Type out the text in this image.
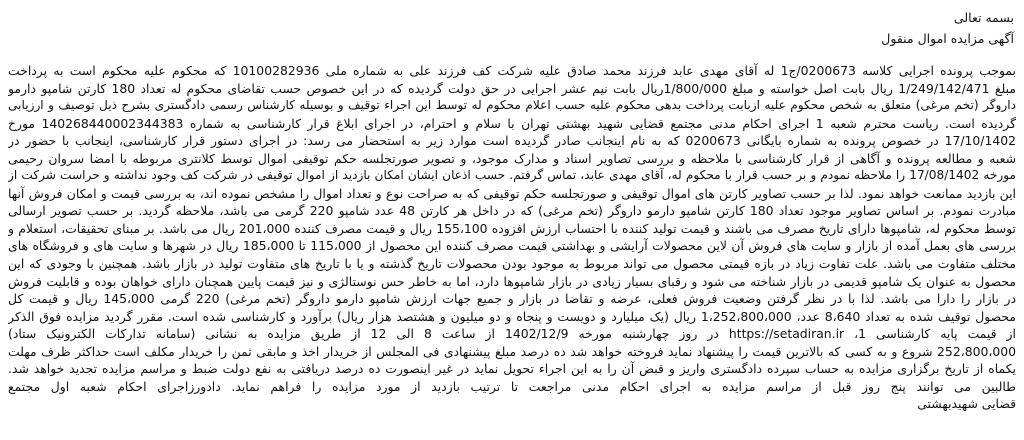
بسمه تعالی
آگهی مزایده اموال منقول
بموجب پرونده اجرایی کلاسه 0200673/ج1 له آقای مهدی عابد فرزند محمد صادق علیه شرکت کف فرزند علی به شماره ملی 10100282936 که محکوم علیه محکوم است به پرداخت
مبلغ 1/249/142/471 ریال بابت اصل خواسته و مبلغ 1/800/000ریال بابت نیم عشر اجرایی در حق دولت گردیده که در این خصوص حسب تقاضای محکوم له تعداد 180 کارتن شامپو دارمو
داروگر (تخم مرغی) متعلق به شخص محکوم علیه ازبابت پرداخت بدهی محکوم علیه حسب اعلام محکوم له توسط این اجراء توقیف و بوسیله کارشناس رسمی دادگستری بشرح ذیل توصیف و ارزیابی
گردیده است. ریاست محترم شعبه 1 اجرای احکام مدنی مجتمع قضایی شهید بهشتی تهران با سلام و احترام، در اجرای ابلاغ قرار کارشناسی به شماره 140268440002344383 مورخ
17/10/1402 در خصوص پرونده به شماره بایگانی 0200673 که به نام اینجانب صادر گردیده است موارد زیر به استحضار می رسد: در اجرای دستور قرار کارشناسی، اینجانب با حضور در
شعبه و مطالعه پرونده و آگاهی از قرار کارشناسی با ملاحظه و بررسی تصاویر اسناد و مدارک موجود، و تصویر صورتجلسه حکم توقیفی اموال توسط کلانتری مربوطه با امضا سروان رحیمی
مورخه 17/08/1402 را ملاحظه نمودم و بر حسب قرار با محکوم له، آقای مهدی عابد، تماس گرفتم. حسب اذعان ایشان امکان بازدید از اموال توقیفی در شرکت کف وجود نداشته و حراست شرکت از
این بازدید ممانعت خواهد نمود. لذا بر حسب تصاویر کارتن های اموال توقیفی و صورتجلسه حکم توقیفی که به صراحت نوع و تعداد اموال را مشخص نموده اند، به بررسی قیمت و امکان فروش آنها
مبادرت نمودم. بر اساس تصاویر موجود تعداد 180 کارتن شامپو دارمو داروگر (تخم مرغی) که در داخل هر کارتن 48 عدد شامپو 220 گرمی می باشد، ملاحظه گردید. بر حسب تصویر ارسالی
توسط محکوم له، شامپوها دارای تاریخ مصرف می باشند و قیمت تولید کننده با احتساب ارزش افزوده 155،100 ریال و قیمت مصرف کننده 201،000 ریال می باشد. بر مبنای تحقیقات، استعلام و
بررسی های بعمل آمده از بازار و سایت های فروش آن لاین محصولات آرایشی و بهداشتی قیمت مصرف کننده این محصول از 115،000 تا 185،000 ریال در شهرها و سایت های و فروشگاه های
مختلف متفاوت می باشد. علت تفاوت زیاد در بازه قیمتی محصول می تواند مربوط به موجود بودن محصولات تاریخ گذشته و یا با تاریخ های متفاوت تولید در بازار باشد. همچنین با وجودی که این
محصول به عنوان یک شامپو قدیمی در بازار شناخته می شود و رقبای بسیار زیادی در بازار شامپوها دارد، اما به خاطر حس نوستالژی و نیز قیمت پایین همچنان دارای خواهان بوده و قابلیت فروش
در بازار را دارا می باشد. لذا با در نظر گرفتن وضعیت فروش فعلی، عرضه و تقاضا در بازار و جمیع جهات ارزش شامپو دارمو داروگر (تخم مرغی) 220 گرمی 145،000 ریال و قیمت کل
محصول توقیف شده به تعداد 8،640 عدد، 1،252،800،000 ریال (یک میلیارد و دویست و پنجاه و دو میلیون و هشتصد هزار ریال) برآورد و کارشناسی شده است. مقرر گردید مزایده فوق الذکر
از قیمت پایه کارشناسی 1، https://setadiran.ir در روز چهارشنبه مورخه 1402/12/9 از ساعت 8 الی 12 از طریق مزایده به نشانی (سامانه تدارکات الکترونیک ستاد)
252،800،000 شروع و به کسی که بالاترین قیمت را پیشنهاد نماید فروخته خواهد شد ده درصد مبلغ پیشنهادی فی المجلس از خریدار اخذ و مابقی ثمن را خریدار مکلف است حداکثر ظرف مهلت
یکماه از تاریخ برگزاری مزایده به حساب سپرده دادگستری واریز و قبض آن را به این اجراء تحویل نماید در غیر اینصورت ده درصد دریافتی به نفع دولت ضبط و مراسم مزایده تجدید خواهد شد.
طالبین می توانند پنج روز قبل از مراسم مزایده به اجرای احکام مدنی مراجعت تا ترتیب بازدید از مورد مزایده را فراهم نماید. دادورزاجرای احکام شعبه اول مجتمع
قضایی شهیدبهشتی
